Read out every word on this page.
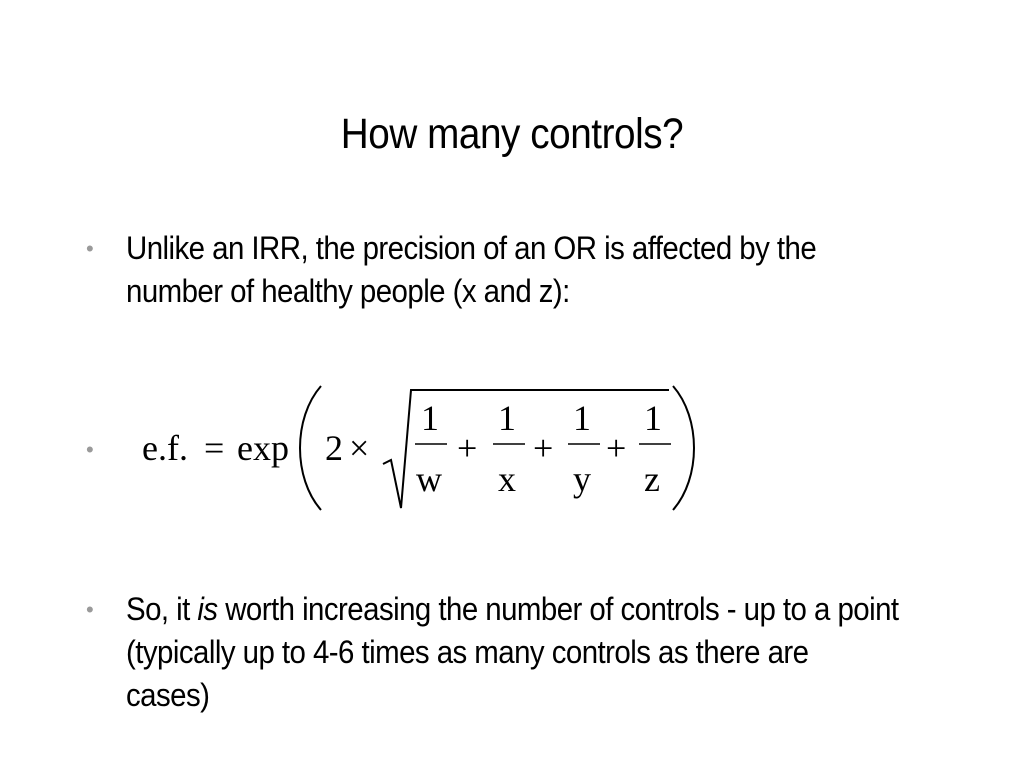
How many controls?
•	Unlike an IRR, the precision of an OR is affected by the number of healthy people (x and z):
•	e.f. = exp 2 ×
1
w
+
1
x
+
1
y
+
1
z
•	So, it is worth increasing the number of controls - up to a point (typically up to 4-6 times as many controls as there are cases)
